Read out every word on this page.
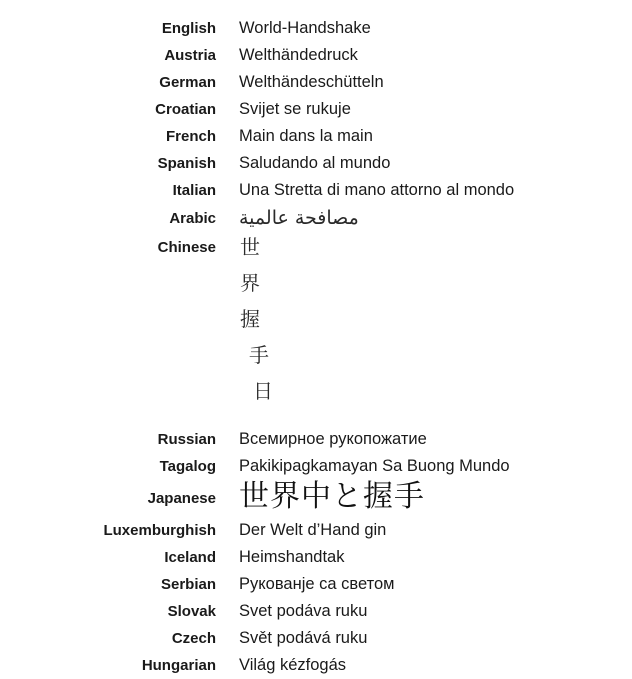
English World-Handshake
Austria Welthändedruck
German Welthändeschütteln
Croatian Svijet se rukuje
French Main dans la main
Spanish Saludando al mundo
Italian Una Stretta di mano attorno al mondo
Arabic مصافحة عالمية
Chinese 世
界
握
手
日
Russian Всемирное рукопожатие
Tagalog Pakikipagkamayan Sa Buong Mundo
Japanese 世界中と握手
Luxemburghish Der Welt d’Hand gin
Iceland Heimshandtak
Serbian Рукованје са светом
Slovak Svet podáva ruku
Czech Svět podává ruku
Hungarian Világ kézfogás
